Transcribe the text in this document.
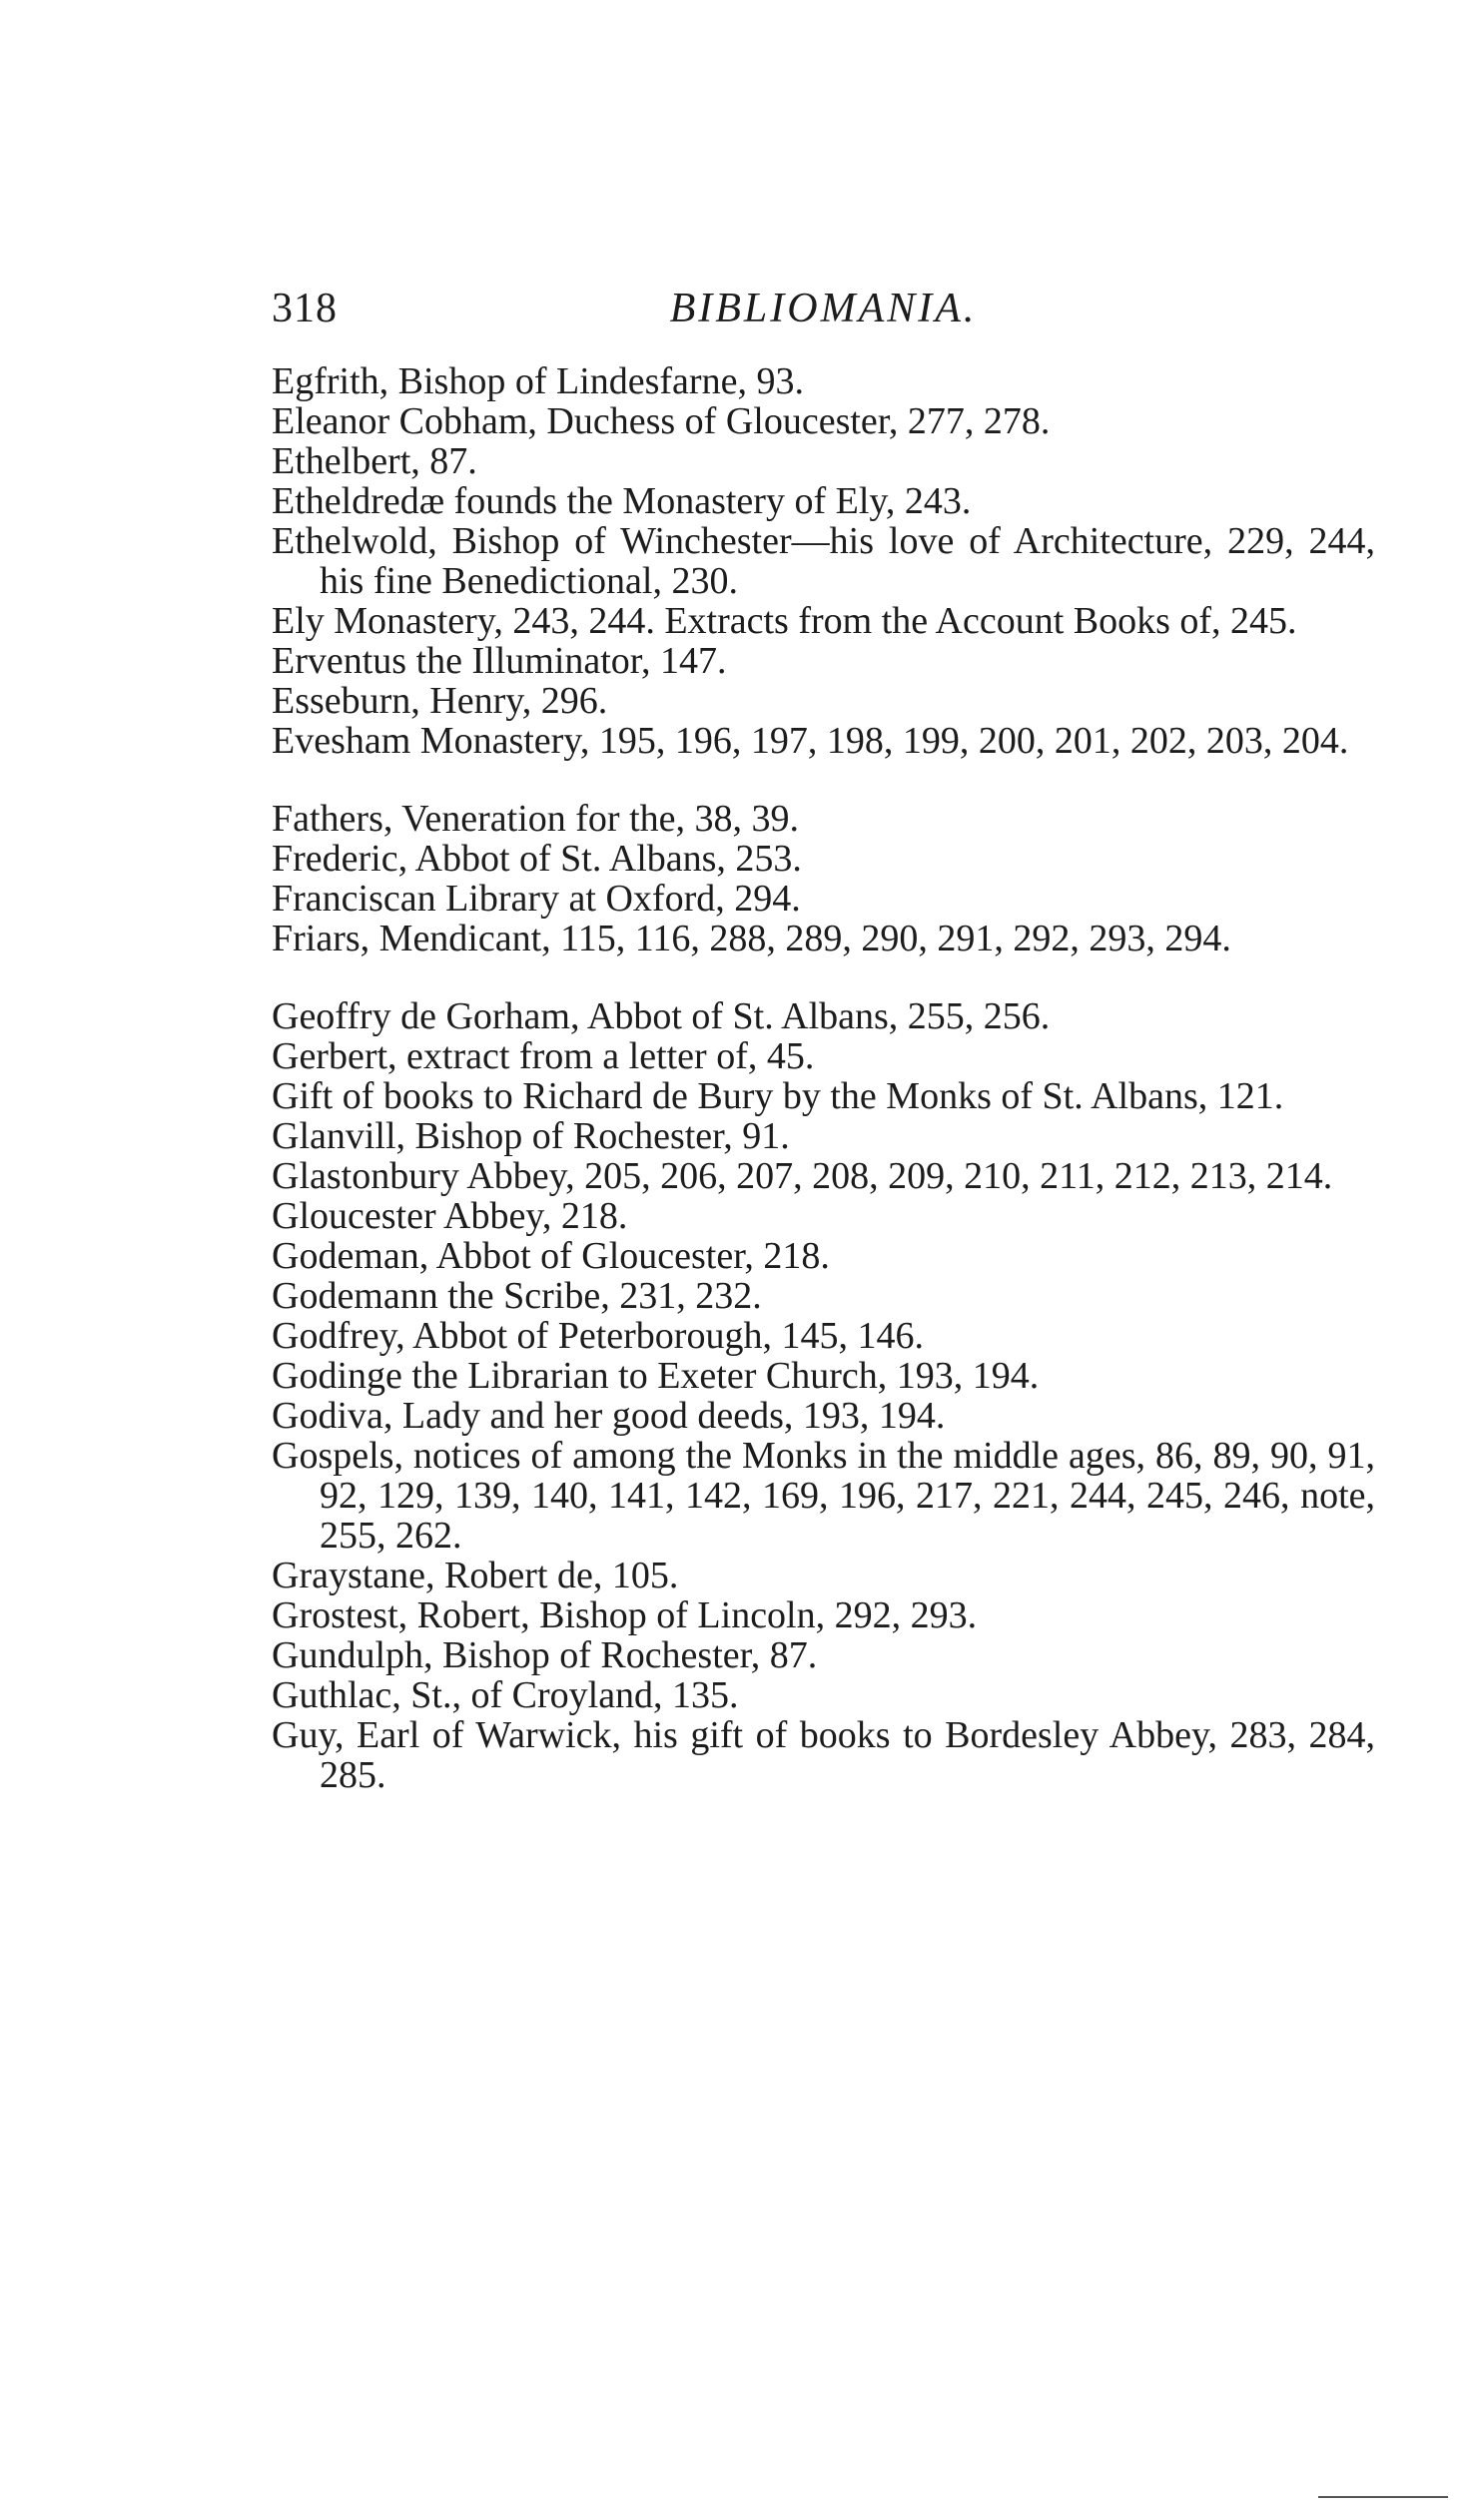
318	BIBLIOMANIA.

Egfrith, Bishop of Lindesfarne, 93.

Eleanor Cobham, Duchess of Gloucester, 277, 278.

Ethelbert, 87.

Etheldredæ founds the Monastery of Ely, 243.

Ethelwold, Bishop of Winchester—his love of Architecture, 229, 244, his fine Benedictional, 230.

Ely Monastery, 243, 244. Extracts from the Account Books of, 245.

Erventus the Illuminator, 147.

Esseburn, Henry, 296.

Evesham Monastery, 195, 196, 197, 198, 199, 200, 201, 202, 203, 204.

Fathers, Veneration for the, 38, 39.

Frederic, Abbot of St. Albans, 253.

Franciscan Library at Oxford, 294.

Friars, Mendicant, 115, 116, 288, 289, 290, 291, 292, 293, 294.

Geoffry de Gorham, Abbot of St. Albans, 255, 256.

Gerbert, extract from a letter of, 45.

Gift of books to Richard de Bury by the Monks of St. Albans, 121.

Glanvill, Bishop of Rochester, 91.

Glastonbury Abbey, 205, 206, 207, 208, 209, 210, 211, 212, 213, 214.

Gloucester Abbey, 218.

Godeman, Abbot of Gloucester, 218.

Godemann the Scribe, 231, 232.

Godfrey, Abbot of Peterborough, 145, 146.

Godinge the Librarian to Exeter Church, 193, 194.

Godiva, Lady and her good deeds, 193, 194.

Gospels, notices of among the Monks in the middle ages, 86, 89, 90, 91, 92, 129, 139, 140, 141, 142, 169, 196, 217, 221, 244, 245, 246, note, 255, 262.

Graystane, Robert de, 105.

Grostest, Robert, Bishop of Lincoln, 292, 293.

Gundulph, Bishop of Rochester, 87.

Guthlac, St., of Croyland, 135.

Guy, Earl of Warwick, his gift of books to Bordesley Abbey, 283, 284, 285.
